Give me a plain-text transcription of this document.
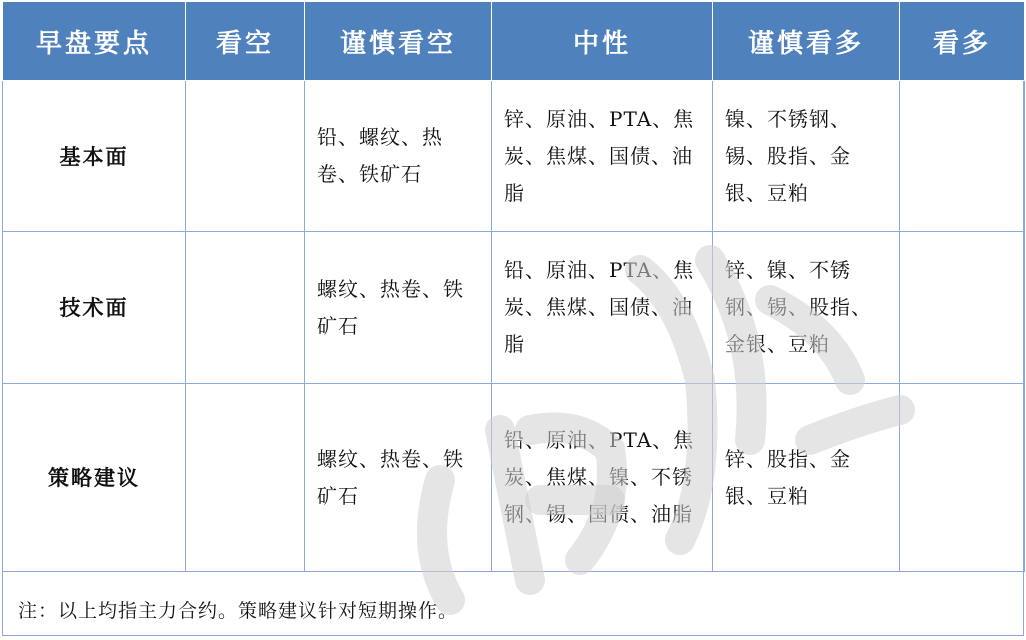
早盘要点	看空	谨慎看空	中性	谨慎看多	看多
基本面		铅、螺纹、热卷、铁矿石	锌、原油、PTA、焦炭、焦煤、国债、油脂	镍、不锈钢、锡、股指、金银、豆粕	
技术面		螺纹、热卷、铁矿石	铅、原油、PTA、焦炭、焦煤、国债、油脂	锌、镍、不锈钢、锡、股指、金银、豆粕	
策略建议		螺纹、热卷、铁矿石	铅、原油、PTA、焦炭、焦煤、镍、不锈钢、锡、国债、油脂	锌、股指、金银、豆粕	
注：以上均指主力合约。策略建议针对短期操作。
